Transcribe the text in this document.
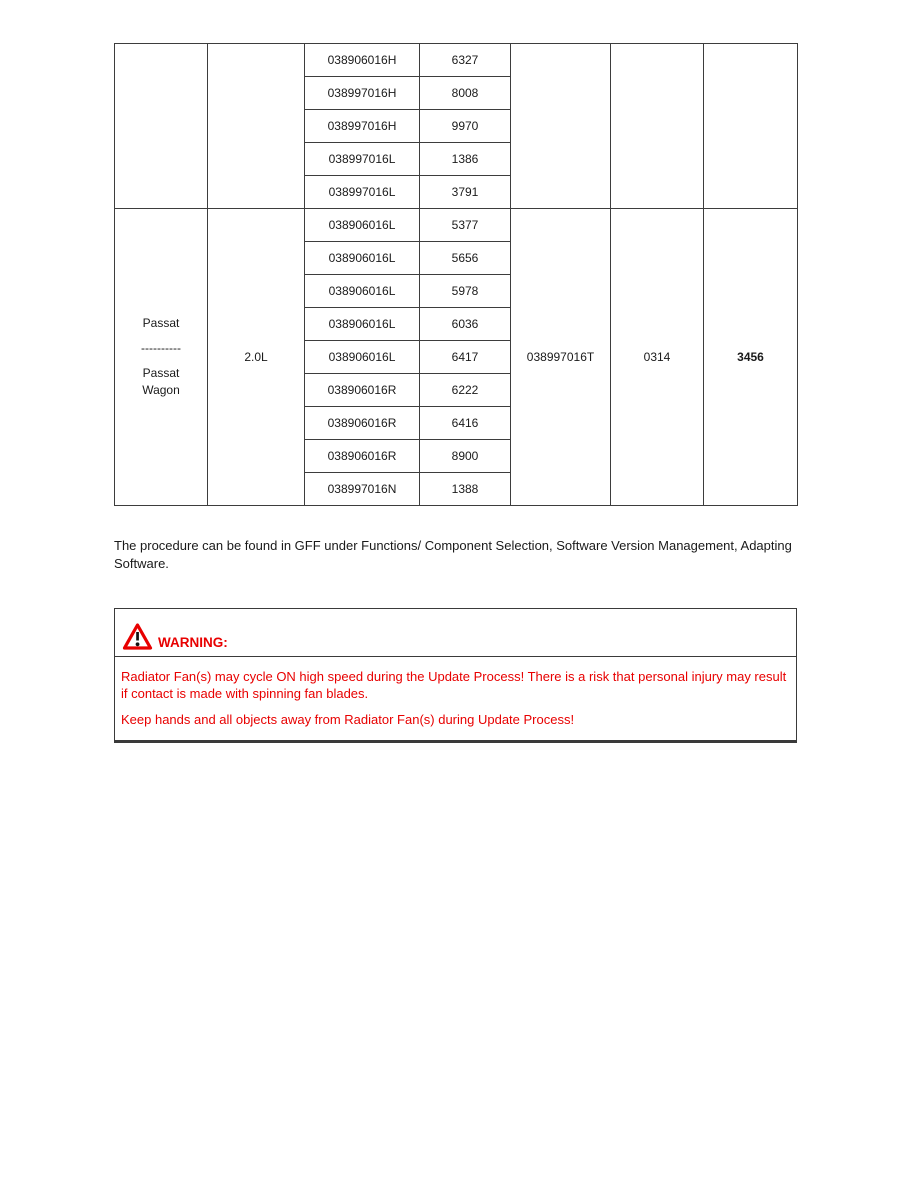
		038906016H	6327			
		038997016H	8008			
		038997016H	9970			
		038997016L	1386			
		038997016L	3791			

Passat
----------
Passat
Wagon	2.0L	038906016L	5377	038997016T	0314	3456
		038906016L	5656			
		038906016L	5978			
		038906016L	6036			
		038906016L	6417			
		038906016R	6222			
		038906016R	6416			
		038906016R	8900			
		038997016N	1388			

The procedure can be found in GFF under Functions/ Component Selection, Software Version Management, Adapting Software.

WARNING:

Radiator Fan(s) may cycle ON high speed during the Update Process! There is a risk that personal injury may result if contact is made with spinning fan blades.

Keep hands and all objects away from Radiator Fan(s) during Update Process!
